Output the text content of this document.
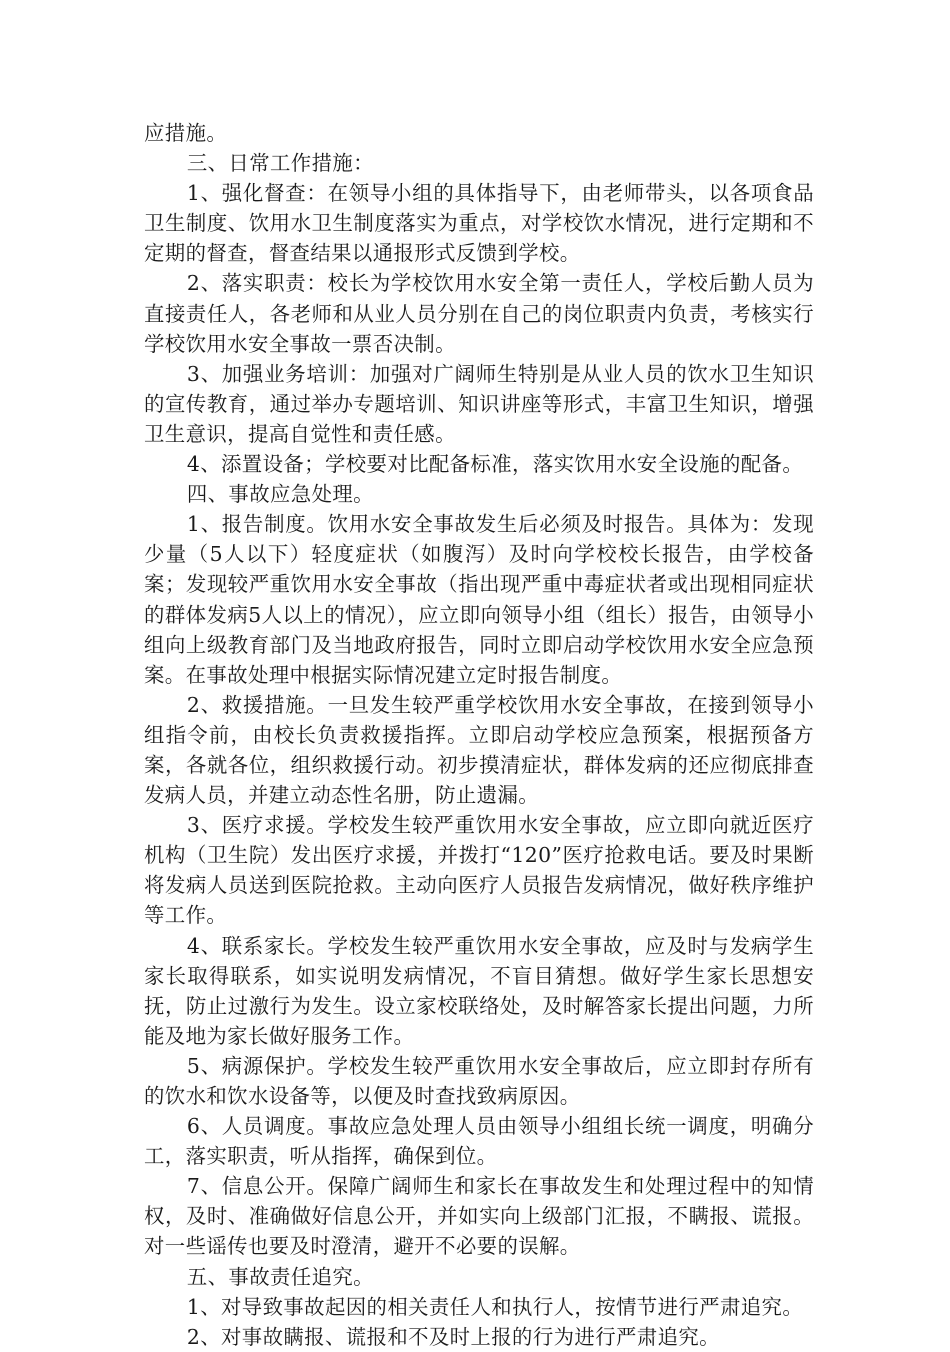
应措施。

三、日常工作措施：

1、强化督查：在领导小组的具体指导下，由老师带头，以各项食品卫生制度、饮用水卫生制度落实为重点，对学校饮水情况，进行定期和不定期的督查，督查结果以通报形式反馈到学校。

2、落实职责：校长为学校饮用水安全第一责任人，学校后勤人员为直接责任人，各老师和从业人员分别在自己的岗位职责内负责，考核实行学校饮用水安全事故一票否决制。

3、加强业务培训：加强对广阔师生特别是从业人员的饮水卫生知识的宣传教育，通过举办专题培训、知识讲座等形式，丰富卫生知识，增强卫生意识，提高自觉性和责任感。

4、添置设备；学校要对比配备标准，落实饮用水安全设施的配备。

四、事故应急处理。

1、报告制度。饮用水安全事故发生后必须及时报告。具体为：发现少量（5人以下）轻度症状（如腹泻）及时向学校校长报告，由学校备案；发现较严重饮用水安全事故（指出现严重中毒症状者或出现相同症状的群体发病5人以上的情况），应立即向领导小组（组长）报告，由领导小组向上级教育部门及当地政府报告，同时立即启动学校饮用水安全应急预案。在事故处理中根据实际情况建立定时报告制度。

2、救援措施。一旦发生较严重学校饮用水安全事故，在接到领导小组指令前，由校长负责救援指挥。立即启动学校应急预案，根据预备方案，各就各位，组织救援行动。初步摸清症状，群体发病的还应彻底排查发病人员，并建立动态性名册，防止遗漏。

3、医疗求援。学校发生较严重饮用水安全事故，应立即向就近医疗机构（卫生院）发出医疗求援，并拨打“120”医疗抢救电话。要及时果断将发病人员送到医院抢救。主动向医疗人员报告发病情况，做好秩序维护等工作。

4、联系家长。学校发生较严重饮用水安全事故，应及时与发病学生家长取得联系，如实说明发病情况，不盲目猜想。做好学生家长思想安抚，防止过激行为发生。设立家校联络处，及时解答家长提出问题，力所能及地为家长做好服务工作。

5、病源保护。学校发生较严重饮用水安全事故后，应立即封存所有的饮水和饮水设备等，以便及时查找致病原因。

6、人员调度。事故应急处理人员由领导小组组长统一调度，明确分工，落实职责，听从指挥，确保到位。

7、信息公开。保障广阔师生和家长在事故发生和处理过程中的知情权，及时、准确做好信息公开，并如实向上级部门汇报，不瞒报、谎报。对一些谣传也要及时澄清，避开不必要的误解。

五、事故责任追究。

1、对导致事故起因的相关责任人和执行人，按情节进行严肃追究。

2、对事故瞒报、谎报和不及时上报的行为进行严肃追究。
